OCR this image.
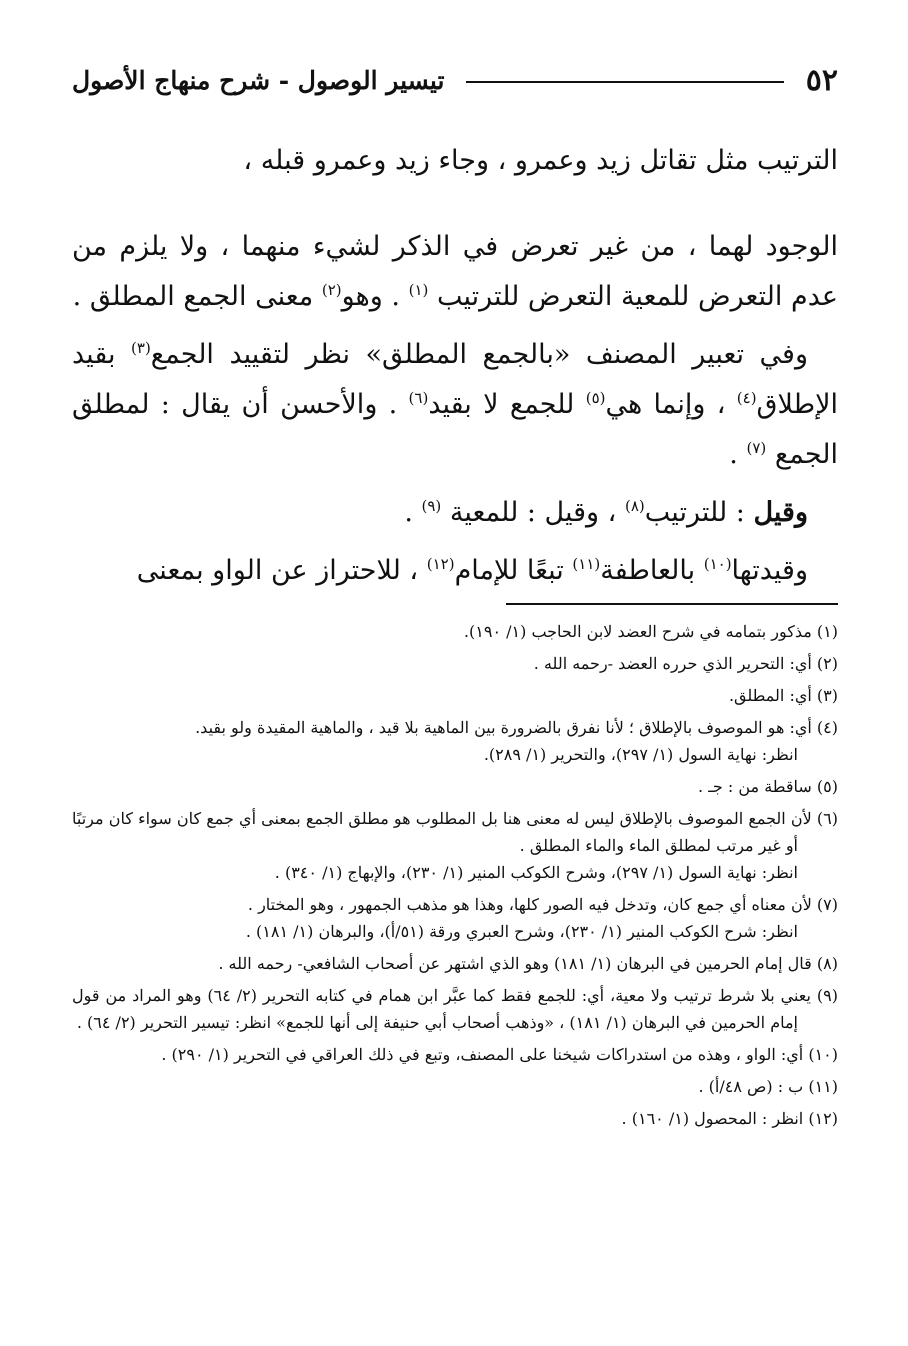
٥٢
تيسير الوصول - شرح منهاج الأصول

الترتيب مثل تقاتل زيد وعمرو ، وجاء زيد وعمرو قبله ،

الوجود لهما ، من غير تعرض في الذكر لشيء منهما ، ولا يلزم من عدم التعرض للمعية التعرض للترتيب $^{(١)}$ . وهو$^{(٢)}$ معنى الجمع المطلق .

وفي تعبير المصنف «بالجمع المطلق» نظر لتقييد الجمع$^{(٣)}$ بقيد الإطلاق$^{(٤)}$ ، وإنما هي$^{(٥)}$ للجمع لا بقيد$^{(٦)}$ . والأحسن أن يقال : لمطلق الجمع $^{(٧)}$ .

وقيل : للترتيب$^{(٨)}$ ، وقيل : للمعية $^{(٩)}$ .

وقيدتها$^{(١٠)}$ بالعاطفة$^{(١١)}$ تبعًا للإمام$^{(١٢)}$ ، للاحتراز عن الواو بمعنى

(١) مذكور بتمامه في شرح العضد لابن الحاجب (١/ ١٩٠).

(٢) أي: التحرير الذي حرره العضد -رحمه الله .

(٣) أي: المطلق.

(٤) أي: هو الموصوف بالإطلاق ؛ لأنا نفرق بالضرورة بين الماهية بلا قيد ، والماهية المقيدة ولو بقيد.
انظر: نهاية السول (١/ ٢٩٧)، والتحرير (١/ ٢٨٩).

(٥) ساقطة من : جـ .

(٦) لأن الجمع الموصوف بالإطلاق ليس له معنى هنا بل المطلوب هو مطلق الجمع بمعنى أي جمع كان سواء كان مرتبًا أو غير مرتب لمطلق الماء والماء المطلق .
انظر: نهاية السول (١/ ٢٩٧)، وشرح الكوكب المنير (١/ ٢٣٠)، والإبهاج (١/ ٣٤٠) .

(٧) لأن معناه أي جمع كان، وتدخل فيه الصور كلها، وهذا هو مذهب الجمهور ، وهو المختار .
انظر: شرح الكوكب المنير (١/ ٢٣٠)، وشرح العبري ورقة (٥١/أ)، والبرهان (١/ ١٨١) .

(٨) قال إمام الحرمين في البرهان (١/ ١٨١) وهو الذي اشتهر عن أصحاب الشافعي- رحمه الله .

(٩) يعني بلا شرط ترتيب ولا معية، أي: للجمع فقط كما عبَّر ابن همام في كتابه التحرير (٢/ ٦٤) وهو المراد من قول إمام الحرمين في البرهان (١/ ١٨١) ، «وذهب أصحاب أبي حنيفة إلى أنها للجمع» انظر: تيسير التحرير (٢/ ٦٤) .

(١٠) أي: الواو ، وهذه من استدراكات شيخنا على المصنف، وتبع في ذلك العراقي في التحرير (١/ ٢٩٠) .

(١١) ب : (ص ٤٨/أ) .

(١٢) انظر : المحصول (١/ ١٦٠) .
